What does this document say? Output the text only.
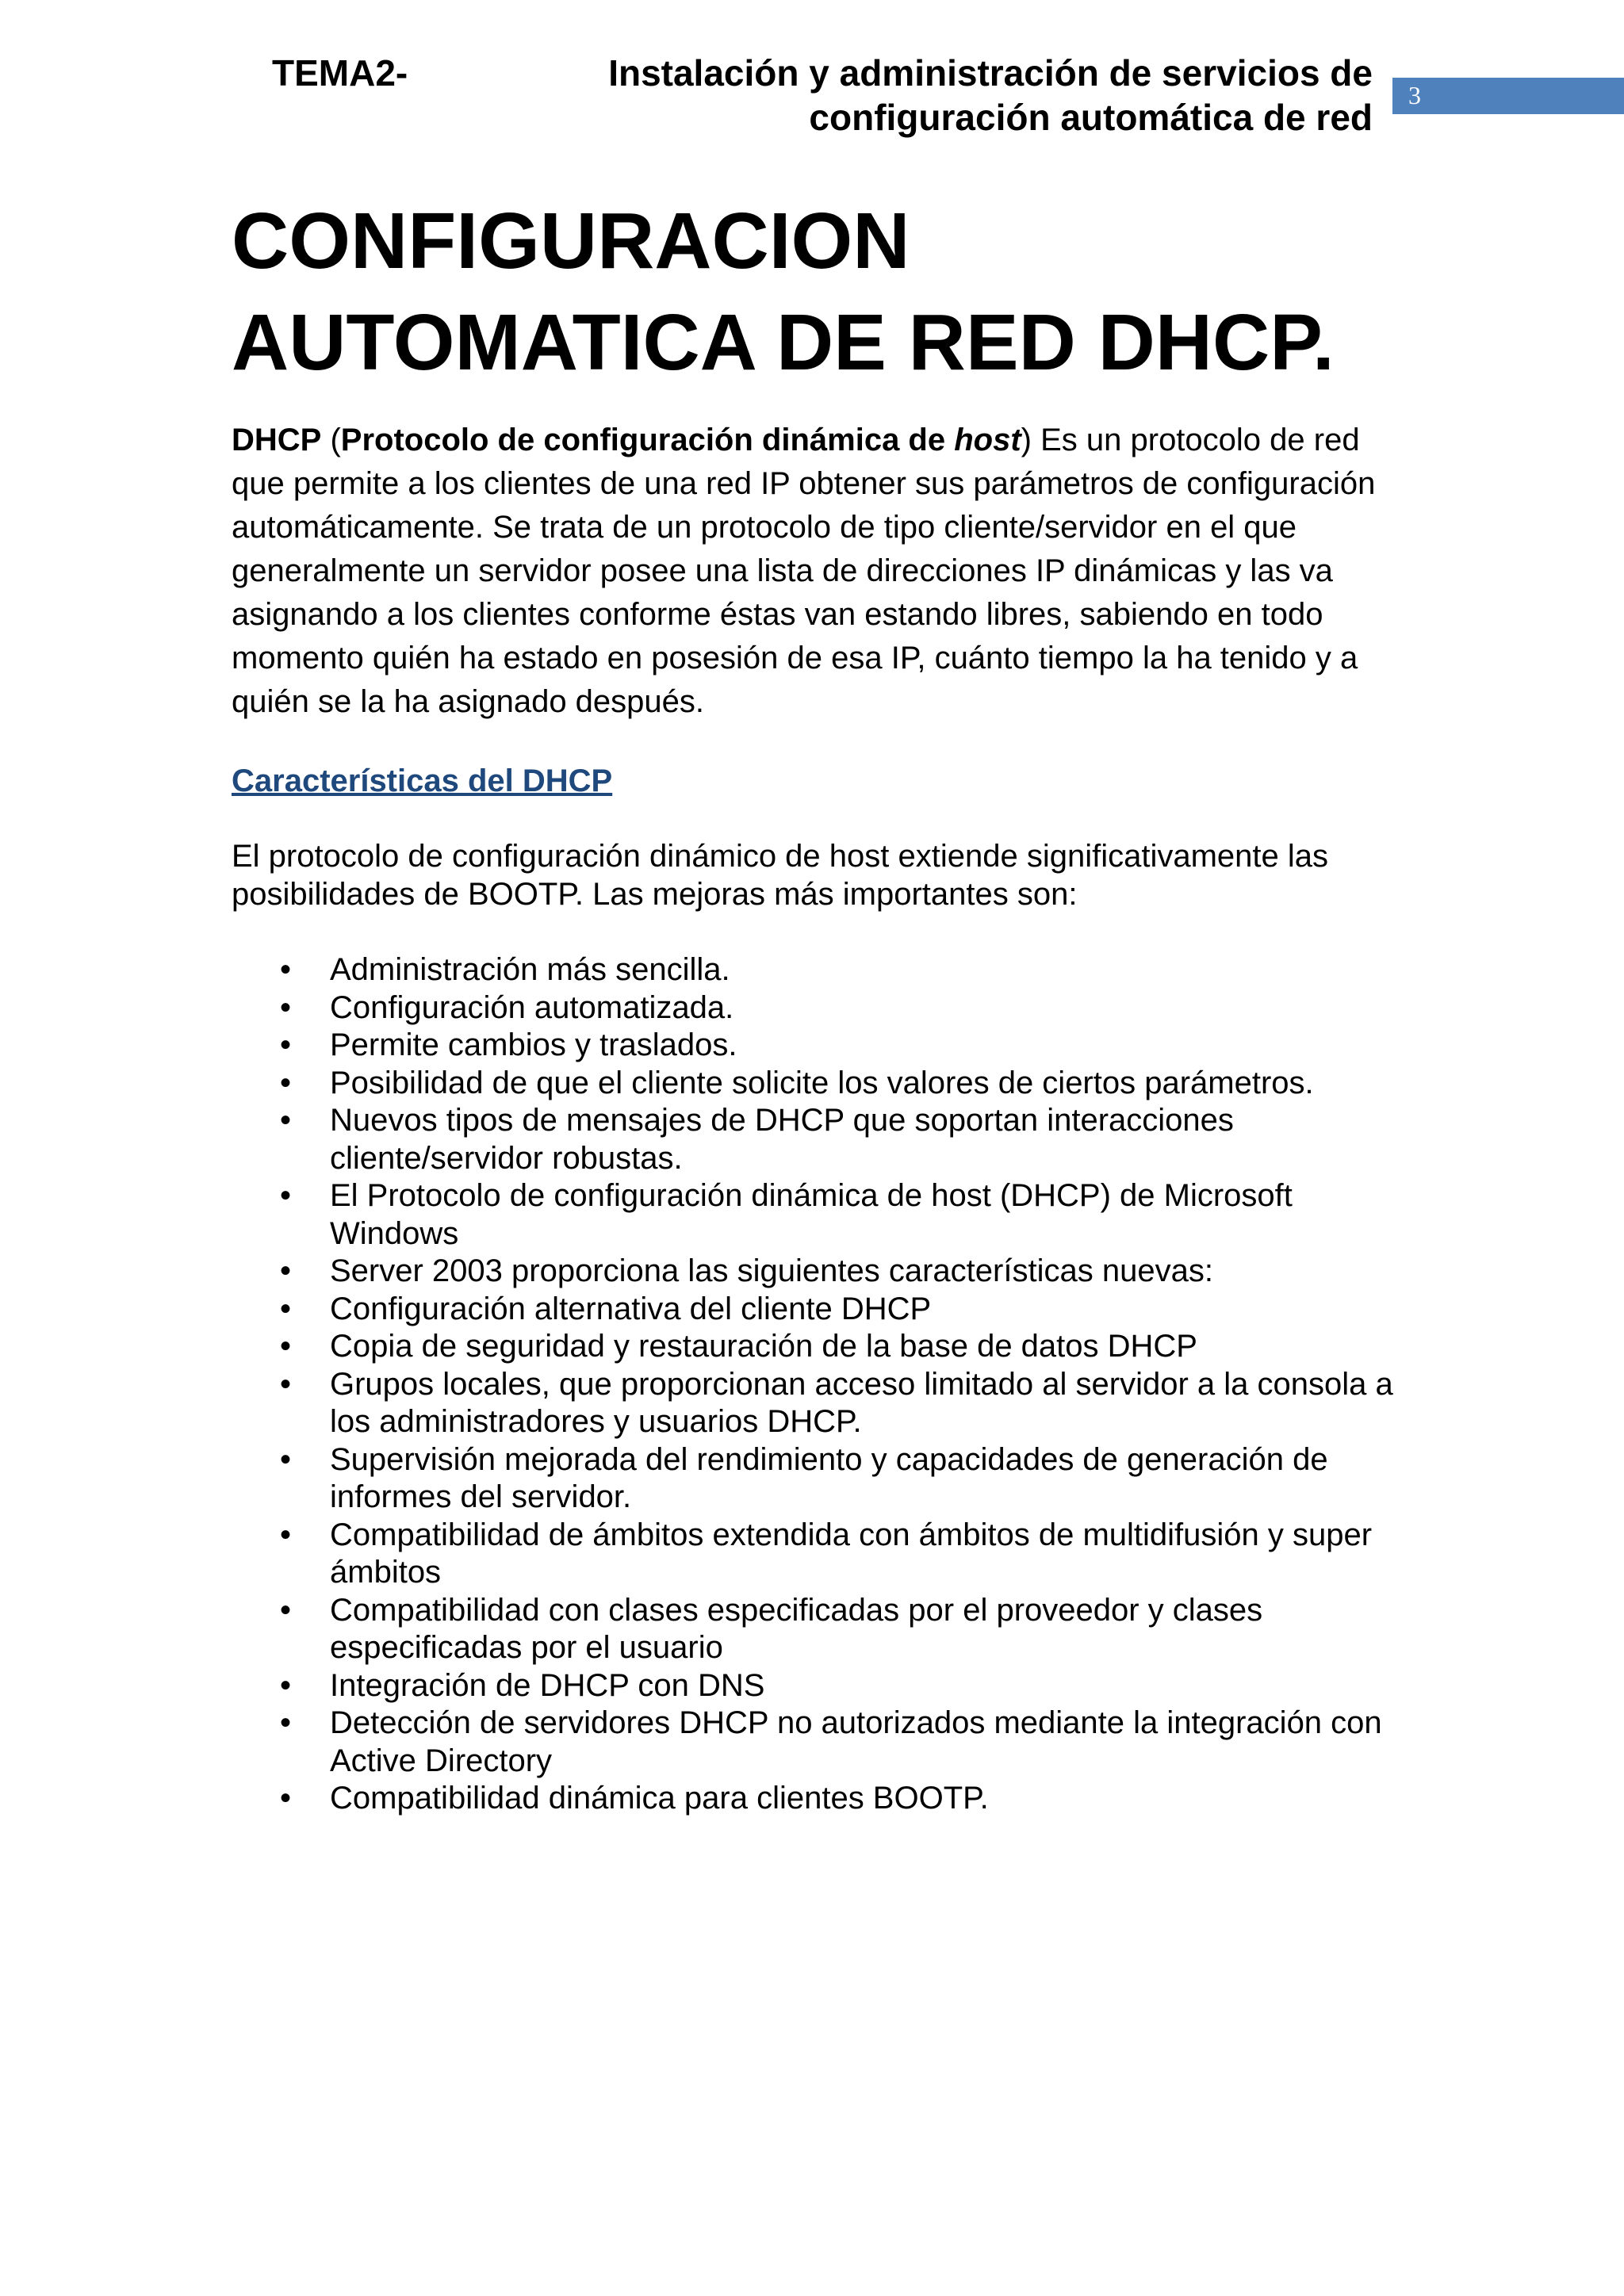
TEMA2-	Instalación y administración de servicios de
configuración automática de red
3
CONFIGURACION
AUTOMATICA DE RED DHCP.

DHCP (Protocolo de configuración dinámica de host) Es un protocolo de red que permite a los clientes de una red IP obtener sus parámetros de configuración automáticamente. Se trata de un protocolo de tipo cliente/servidor en el que generalmente un servidor posee una lista de direcciones IP dinámicas y las va asignando a los clientes conforme éstas van estando libres, sabiendo en todo momento quién ha estado en posesión de esa IP, cuánto tiempo la ha tenido y a quién se la ha asignado después.

Características del DHCP

El protocolo de configuración dinámico de host extiende significativamente las posibilidades de BOOTP. Las mejoras más importantes son:

• Administración más sencilla.
• Configuración automatizada.
• Permite cambios y traslados.
• Posibilidad de que el cliente solicite los valores de ciertos parámetros.
• Nuevos tipos de mensajes de DHCP que soportan interacciones cliente/servidor robustas.
• El Protocolo de configuración dinámica de host (DHCP) de Microsoft Windows
• Server 2003 proporciona las siguientes características nuevas:
• Configuración alternativa del cliente DHCP
• Copia de seguridad y restauración de la base de datos DHCP
• Grupos locales, que proporcionan acceso limitado al servidor a la consola a los administradores y usuarios DHCP.
• Supervisión mejorada del rendimiento y capacidades de generación de informes del servidor.
• Compatibilidad de ámbitos extendida con ámbitos de multidifusión y super ámbitos
• Compatibilidad con clases especificadas por el proveedor y clases especificadas por el usuario
• Integración de DHCP con DNS
• Detección de servidores DHCP no autorizados mediante la integración con Active Directory
• Compatibilidad dinámica para clientes BOOTP.
